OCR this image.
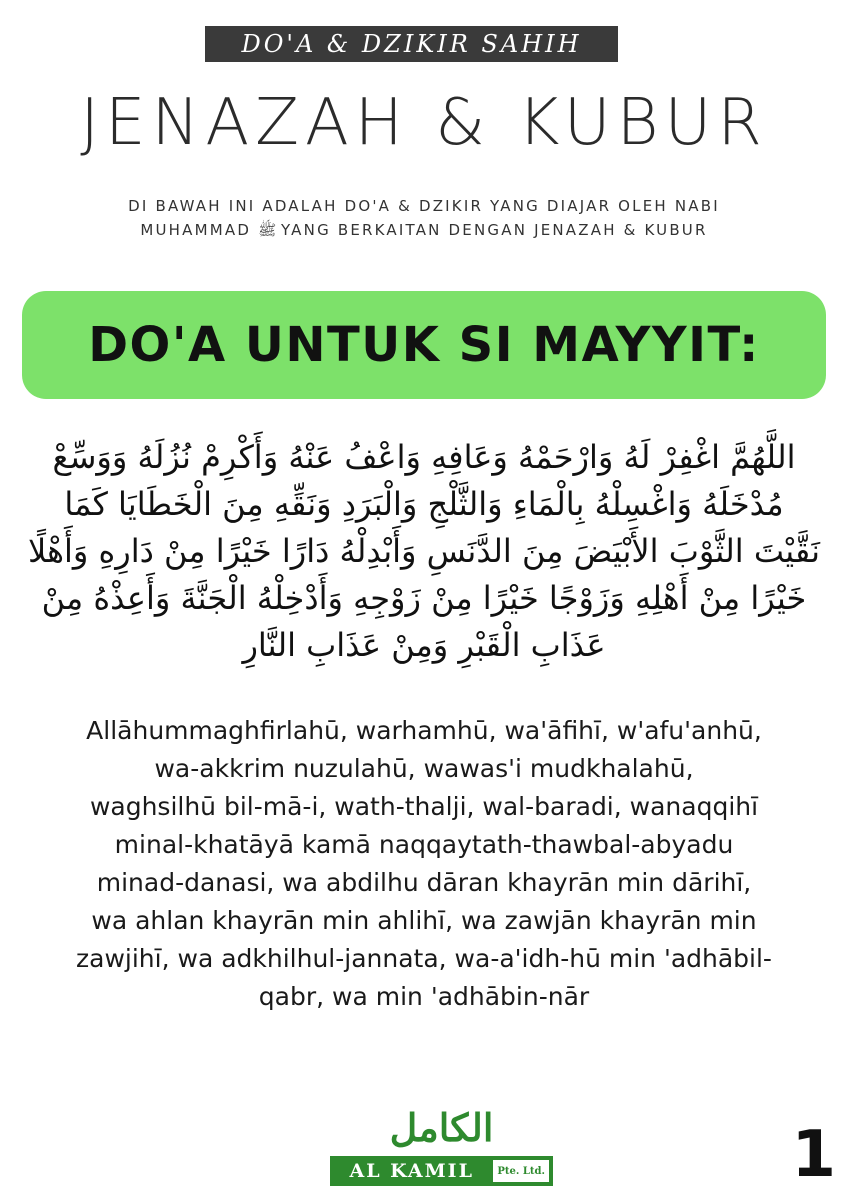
DO'A & DZIKIR SAHIH
JENAZAH & KUBUR
DI BAWAH INI ADALAH DO'A & DZIKIR YANG DIAJAR OLEH NABI
MUHAMMAD ﷺ YANG BERKAITAN DENGAN JENAZAH & KUBUR
DO'A UNTUK SI MAYYIT:
اللَّهُمَّ اغْفِرْ لَهُ وَارْحَمْهُ وَعَافِهِ وَاعْفُ عَنْهُ وَأَكْرِمْ نُزُلَهُ وَوَسِّعْ مُدْخَلَهُ وَاغْسِلْهُ بِالْمَاءِ وَالثَّلْجِ وَالْبَرَدِ وَنَقِّهِ مِنَ الْخَطَايَا كَمَا نَقَّيْتَ الثَّوْبَ الأَبْيَضَ مِنَ الدَّنَسِ وَأَبْدِلْهُ دَارًا خَيْرًا مِنْ دَارِهِ وَأَهْلًا خَيْرًا مِنْ أَهْلِهِ وَزَوْجًا خَيْرًا مِنْ زَوْجِهِ وَأَدْخِلْهُ الْجَنَّةَ وَأَعِذْهُ مِنْ عَذَابِ الْقَبْرِ وَمِنْ عَذَابِ النَّارِ
Allāhummaghfirlahū, warhamhū, wa'āfihī, w'afu'anhū,
wa-akkrim nuzulahū, wawas'i mudkhalahū,
waghsilhū bil-mā-i, wath-thalji, wal-baradi, wanaqqihī
minal-khatāyā kamā naqqaytath-thawbal-abyadu
minad-danasi, wa abdilhu dāran khayrān min dārihī,
wa ahlan khayrān min ahlihī, wa zawjān khayrān min
zawjihī, wa adkhilhul-jannata, wa-a'idh-hū min 'adhābil-
qabr, wa min 'adhābin-nār
الكامل
AL KAMIL	Pte. Ltd.	1
